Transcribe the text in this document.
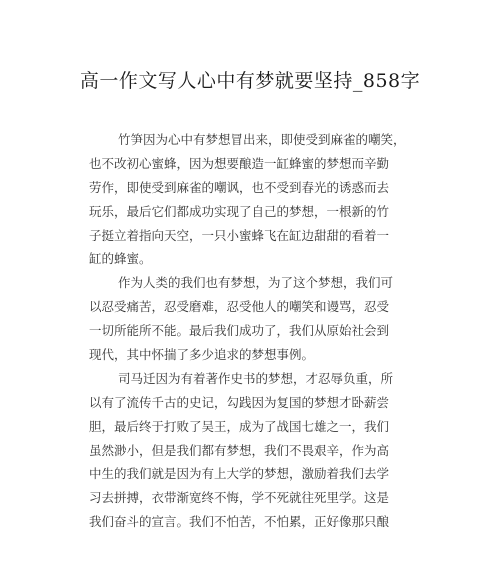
高一作文写人心中有梦就要坚持_858字
竹笋因为心中有梦想冒出来，即使受到麻雀的嘲笑，
也不改初心蜜蜂，因为想要酿造一缸蜂蜜的梦想而辛勤
劳作，即使受到麻雀的嘲讽，也不受到春光的诱惑而去
玩乐，最后它们都成功实现了自己的梦想，一根新的竹
子挺立着指向天空，一只小蜜蜂飞在缸边甜甜的看着一
缸的蜂蜜。
作为人类的我们也有梦想，为了这个梦想，我们可
以忍受痛苦，忍受磨难，忍受他人的嘲笑和谩骂，忍受
一切所能所不能。最后我们成功了，我们从原始社会到
现代，其中怀揣了多少追求的梦想事例。
司马迁因为有着著作史书的梦想，才忍辱负重，所
以有了流传千古的史记，勾践因为复国的梦想才卧薪尝
胆，最后终于打败了吴王，成为了战国七雄之一，我们
虽然渺小，但是我们都有梦想，我们不畏艰辛，作为高
中生的我们就是因为有上大学的梦想，激励着我们去学
习去拼搏，衣带渐宽终不悔，学不死就往死里学。这是
我们奋斗的宣言。我们不怕苦，不怕累，正好像那只酿
